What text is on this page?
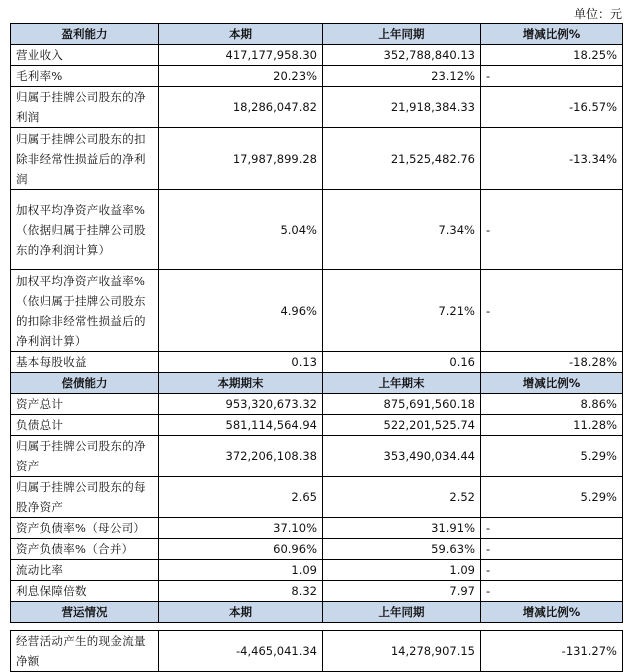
单位：元
盈利能力	本期	上年同期	增减比例%
营业收入	417,177,958.30	352,788,840.13	18.25%
毛利率%	20.23%	23.12%	-
归属于挂牌公司股东的净利润	18,286,047.82	21,918,384.33	-16.57%
归属于挂牌公司股东的扣除非经常性损益后的净利润	17,987,899.28	21,525,482.76	-13.34%
加权平均净资产收益率%（依据归属于挂牌公司股东的净利润计算）	5.04%	7.34%	-
加权平均净资产收益率%（依归属于挂牌公司股东的扣除非经常性损益后的净利润计算）	4.96%	7.21%	-
基本每股收益	0.13	0.16	-18.28%
偿债能力	本期期末	上年期末	增减比例%
资产总计	953,320,673.32	875,691,560.18	8.86%
负债总计	581,114,564.94	522,201,525.74	11.28%
归属于挂牌公司股东的净资产	372,206,108.38	353,490,034.44	5.29%
归属于挂牌公司股东的每股净资产	2.65	2.52	5.29%
资产负债率%（母公司）	37.10%	31.91%	-
资产负债率%（合并）	60.96%	59.63%	-
流动比率	1.09	1.09	-
利息保障倍数	8.32	7.97	-
营运情况	本期	上年同期	增减比例%

经营活动产生的现金流量净额	-4,465,041.34	14,278,907.15	-131.27%
